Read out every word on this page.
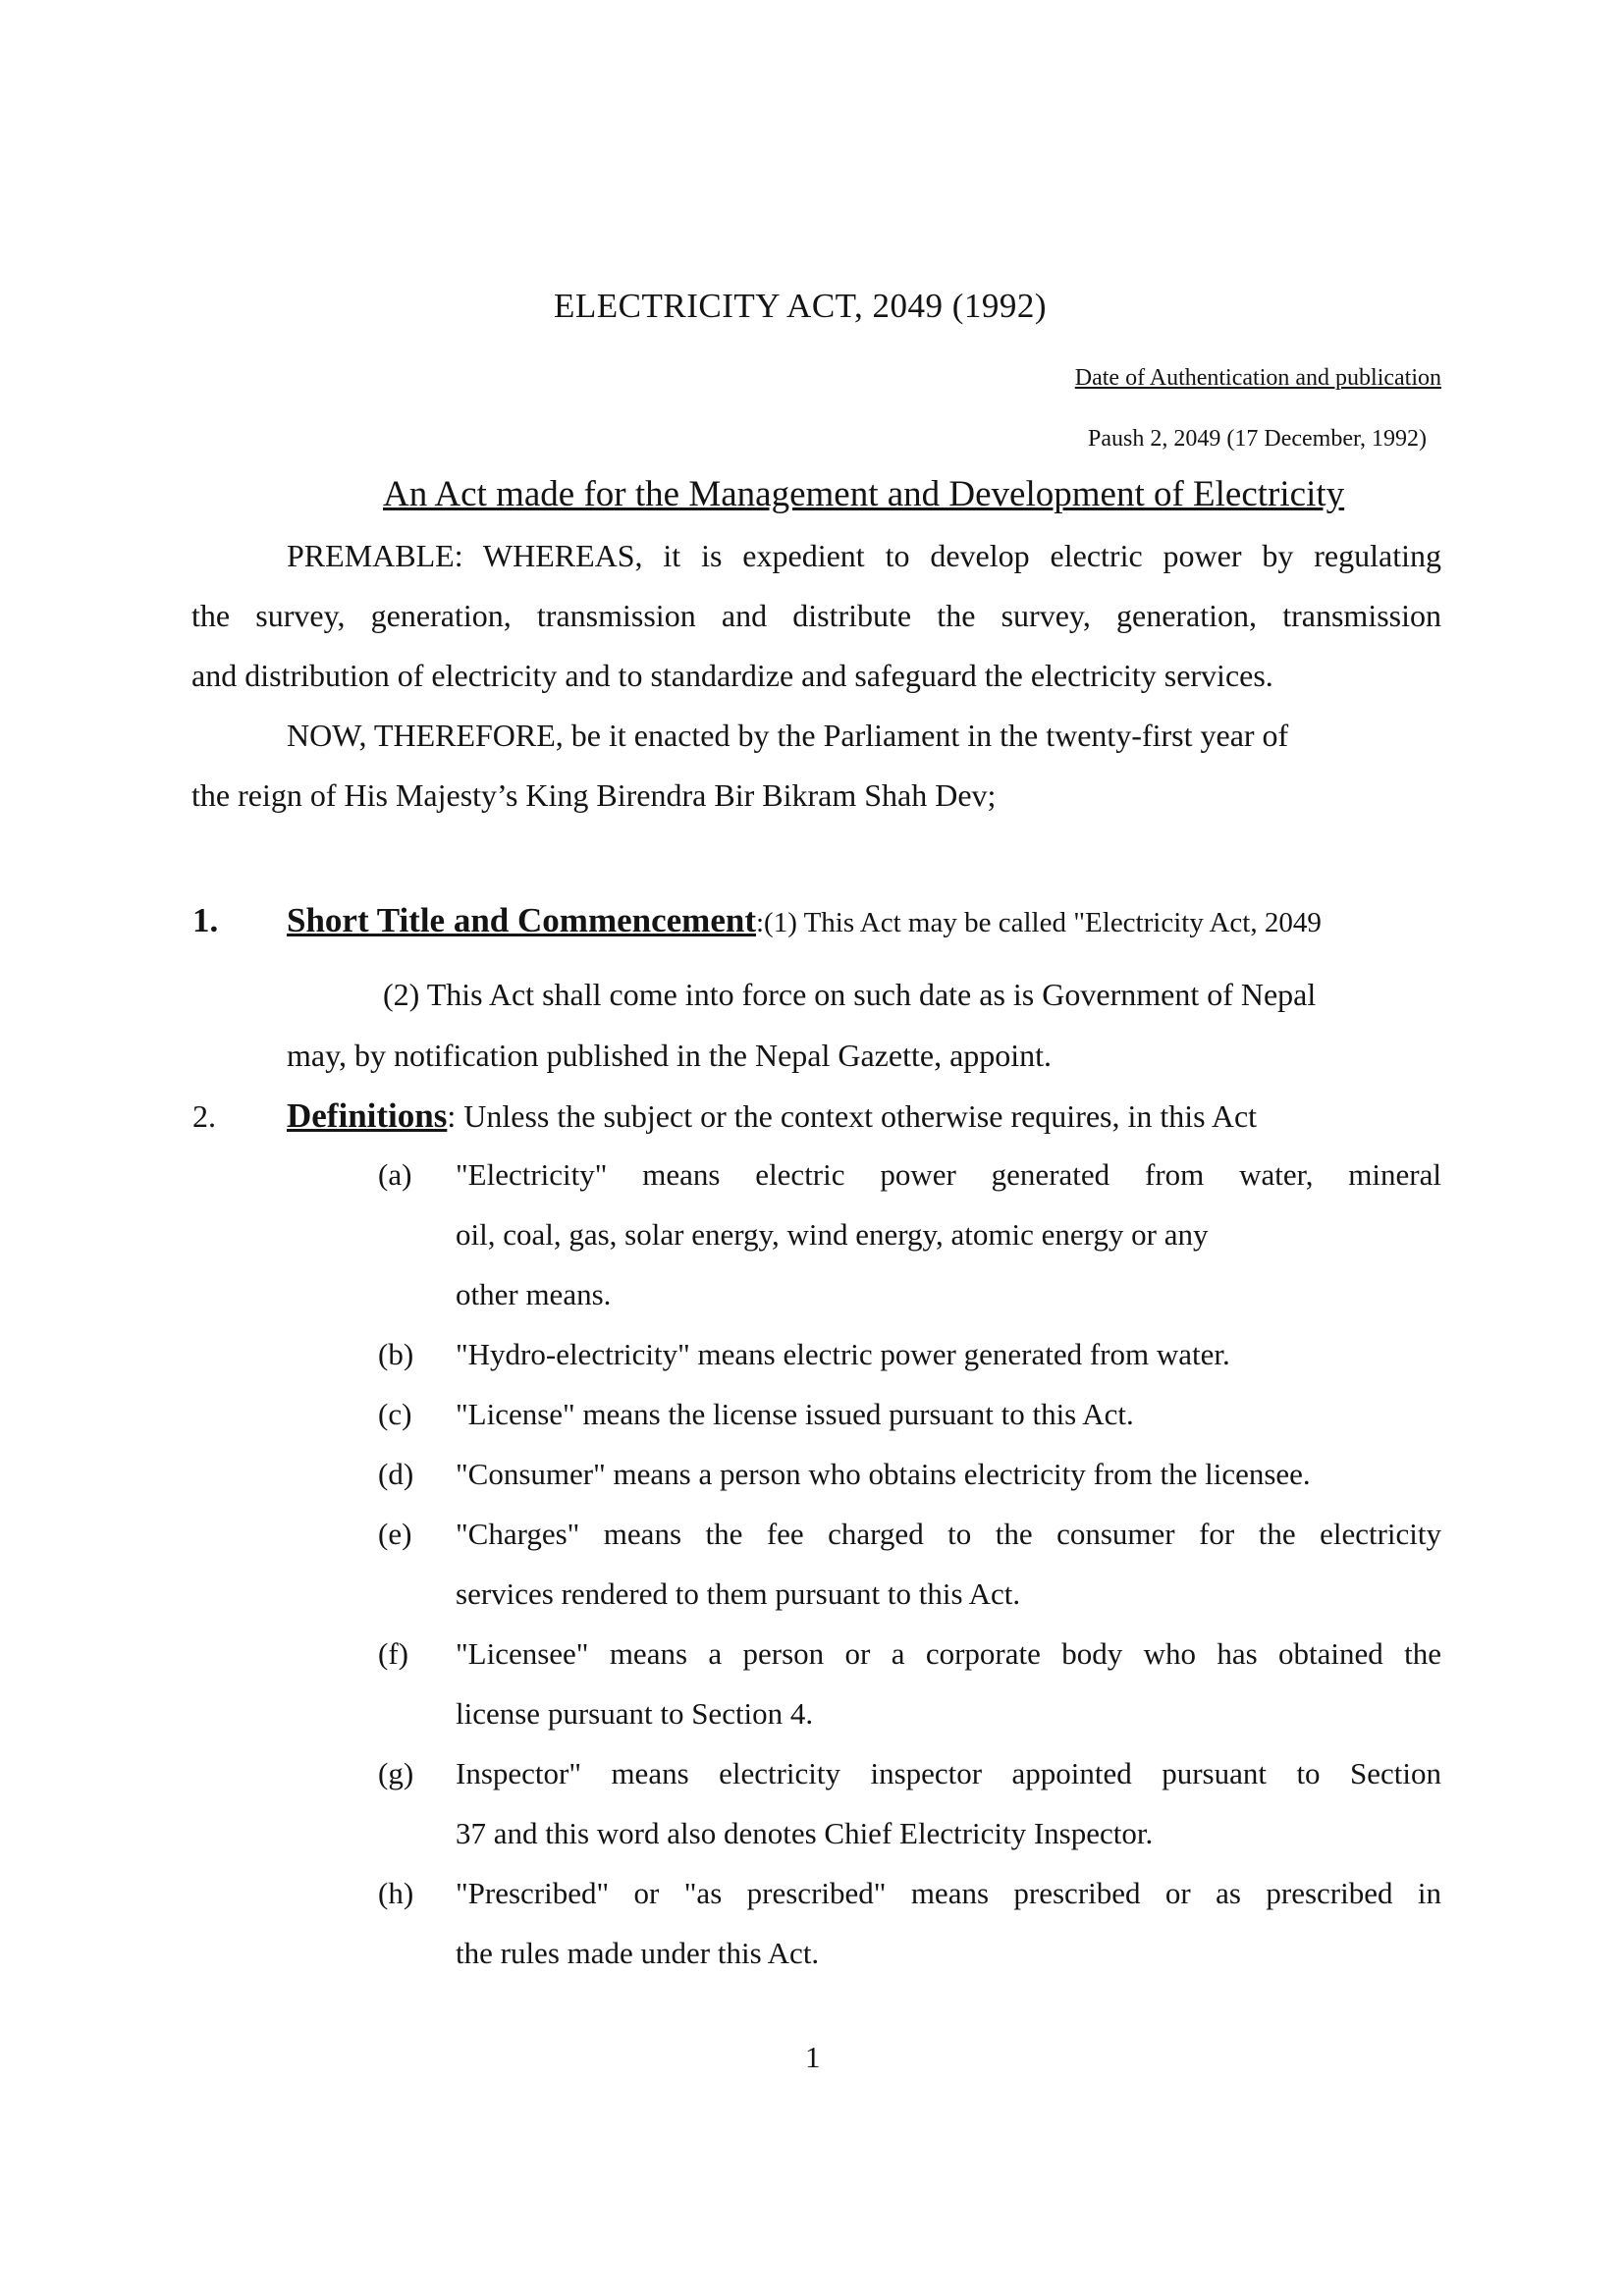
ELECTRICITY ACT, 2049 (1992)
Date of Authentication and publication
Paush 2, 2049 (17 December, 1992)
An Act made for the Management and Development of Electricity
PREMABLE: WHEREAS, it is expedient to develop electric power by regulating
the survey, generation, transmission and distribute the survey, generation, transmission
and distribution of electricity and to standardize and safeguard the electricity services.
NOW, THEREFORE, be it enacted by the Parliament in the twenty-first year of
the reign of His Majesty’s King Birendra Bir Bikram Shah Dev;
1. Short Title and Commencement:(1) This Act may be called "Electricity Act, 2049
(2) This Act shall come into force on such date as is Government of Nepal
may, by notification published in the Nepal Gazette, appoint.
2. Definitions: Unless the subject or the context otherwise requires, in this Act
(a) "Electricity" means electric power generated from water, mineral
oil, coal, gas, solar energy, wind energy, atomic energy or any
other means.
(b) "Hydro-electricity" means electric power generated from water.
(c) "License" means the license issued pursuant to this Act.
(d) "Consumer" means a person who obtains electricity from the licensee.
(e) "Charges" means the fee charged to the consumer for the electricity
services rendered to them pursuant to this Act.
(f) "Licensee" means a person or a corporate body who has obtained the
license pursuant to Section 4.
(g) Inspector" means electricity inspector appointed pursuant to Section
37 and this word also denotes Chief Electricity Inspector.
(h) "Prescribed" or "as prescribed" means prescribed or as prescribed in
the rules made under this Act.
1
